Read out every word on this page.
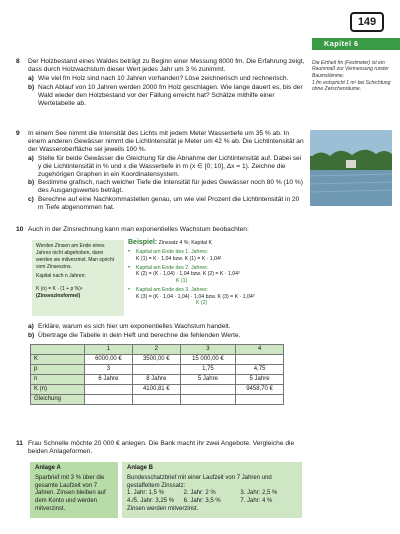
149
Kapitel 6

Die Einheit fm (Festmeter) ist ein Raummaß zur Vermessung runder Baumstämme.

1 fm entspricht 1 m³ bei Schichtung ohne Zwischenräume.

8 Der Holzbestand eines Waldes beträgt zu Beginn einer Messung 8000 fm. Die Erfahrung zeigt, dass durch Holzwachstum dieser Wert jedes Jahr um 3 % zunimmt.
a) Wie viel fm Holz sind nach 10 Jahren vorhanden? Löse zeichnerisch und rechnerisch.
b) Nach Ablauf von 10 Jahren werden 2000 fm Holz geschlagen. Wie lange dauert es, bis der Wald wieder den Holzbestand vor der Fällung erreicht hat? Schätze mithilfe einer Wertetabelle ab.
9 In einem See nimmt die Intensität des Lichts mit jedem Meter Wassertiefe um 35 % ab. In einem anderen Gewässer nimmt die Lichtintensität je Meter um 42 % ab. Die Lichtintensität an der Wasseroberfläche sei jeweils 100 %.
a) Stelle für beide Gewässer die Gleichung für die Abnahme der Lichtintensität auf. Dabei sei y die Lichtintensität in % und x die Wassertiefe in m (x ∈ [0; 10], Δx = 1). Zeichne die zugehörigen Graphen in ein Koordinatensystem.
b) Bestimme grafisch, nach welcher Tiefe die Intensität für jedes Gewässer noch 80 % (10 %) des Ausgangswertes beträgt.
c) Berechne auf eine Nachkommastellen genau, um wie viel Prozent die Lichtintensität in 20 m Tiefe abgenommen hat.
10 Auch in der Zinsrechnung kann man exponentielles Wachstum beobachten:
Werden Zinsen am Ende eines Jahres nicht abgehoben, dann werden sie mitverzinst. Man spricht vom Zinseszins.
Kapital nach n Jahren:
K (n) = K · (1 + p %)ⁿ
(Zinseszinsformel)
Beispiel: Zinssatz 4 %; Kapital K
•	Kapital am Ende des 1. Jahres:
K (1) = K · 1,04 bzw. K (1) = K · 1,04¹
•	Kapital am Ende des 2. Jahres:
K (2) = (K · 1,04) · 1,04 bzw. K (2) = K · 1,04²
K (1)
•	Kapital am Ende des 3. Jahres:
K (3) = (K · 1,04 · 1,04) · 1,04 bzw. K (3) = K · 1,04³
K (2)
a) Erkläre, warum es sich hier um exponentielles Wachstum handelt.
b) Übertrage die Tabelle in dein Heft und berechne die fehlenden Werte.
	1	2	3	4
K	6000,00 €	3500,00 €	15 000,00 €	
p	3		1,75	4,75
n	6 Jahre	8 Jahre	5 Jahre	5 Jahre
K (n)		4100,81 €		9458,70 €
Gleichung				
11 Frau Schnelle möchte 20 000 € anlegen. Die Bank macht ihr zwei Angebote. Vergleiche die beiden Anlageformen.
Anlage A
Sparbrief mit 3 % über die gesamte Laufzeit von 7 Jahren. Zinsen bleiben auf dem Konto und werden mitverzinst.
Anlage B
Bundesschatzbrief mit einer Laufzeit von 7 Jahren und gestaffeltem Zinssatz:
1. Jahr: 1,5 %	2. Jahr: 2 %	3. Jahr: 2,5 %
4./5. Jahr: 3,25 %	6. Jahr: 3,5 %	7. Jahr: 4 %
Zinsen werden mitverzinst.
